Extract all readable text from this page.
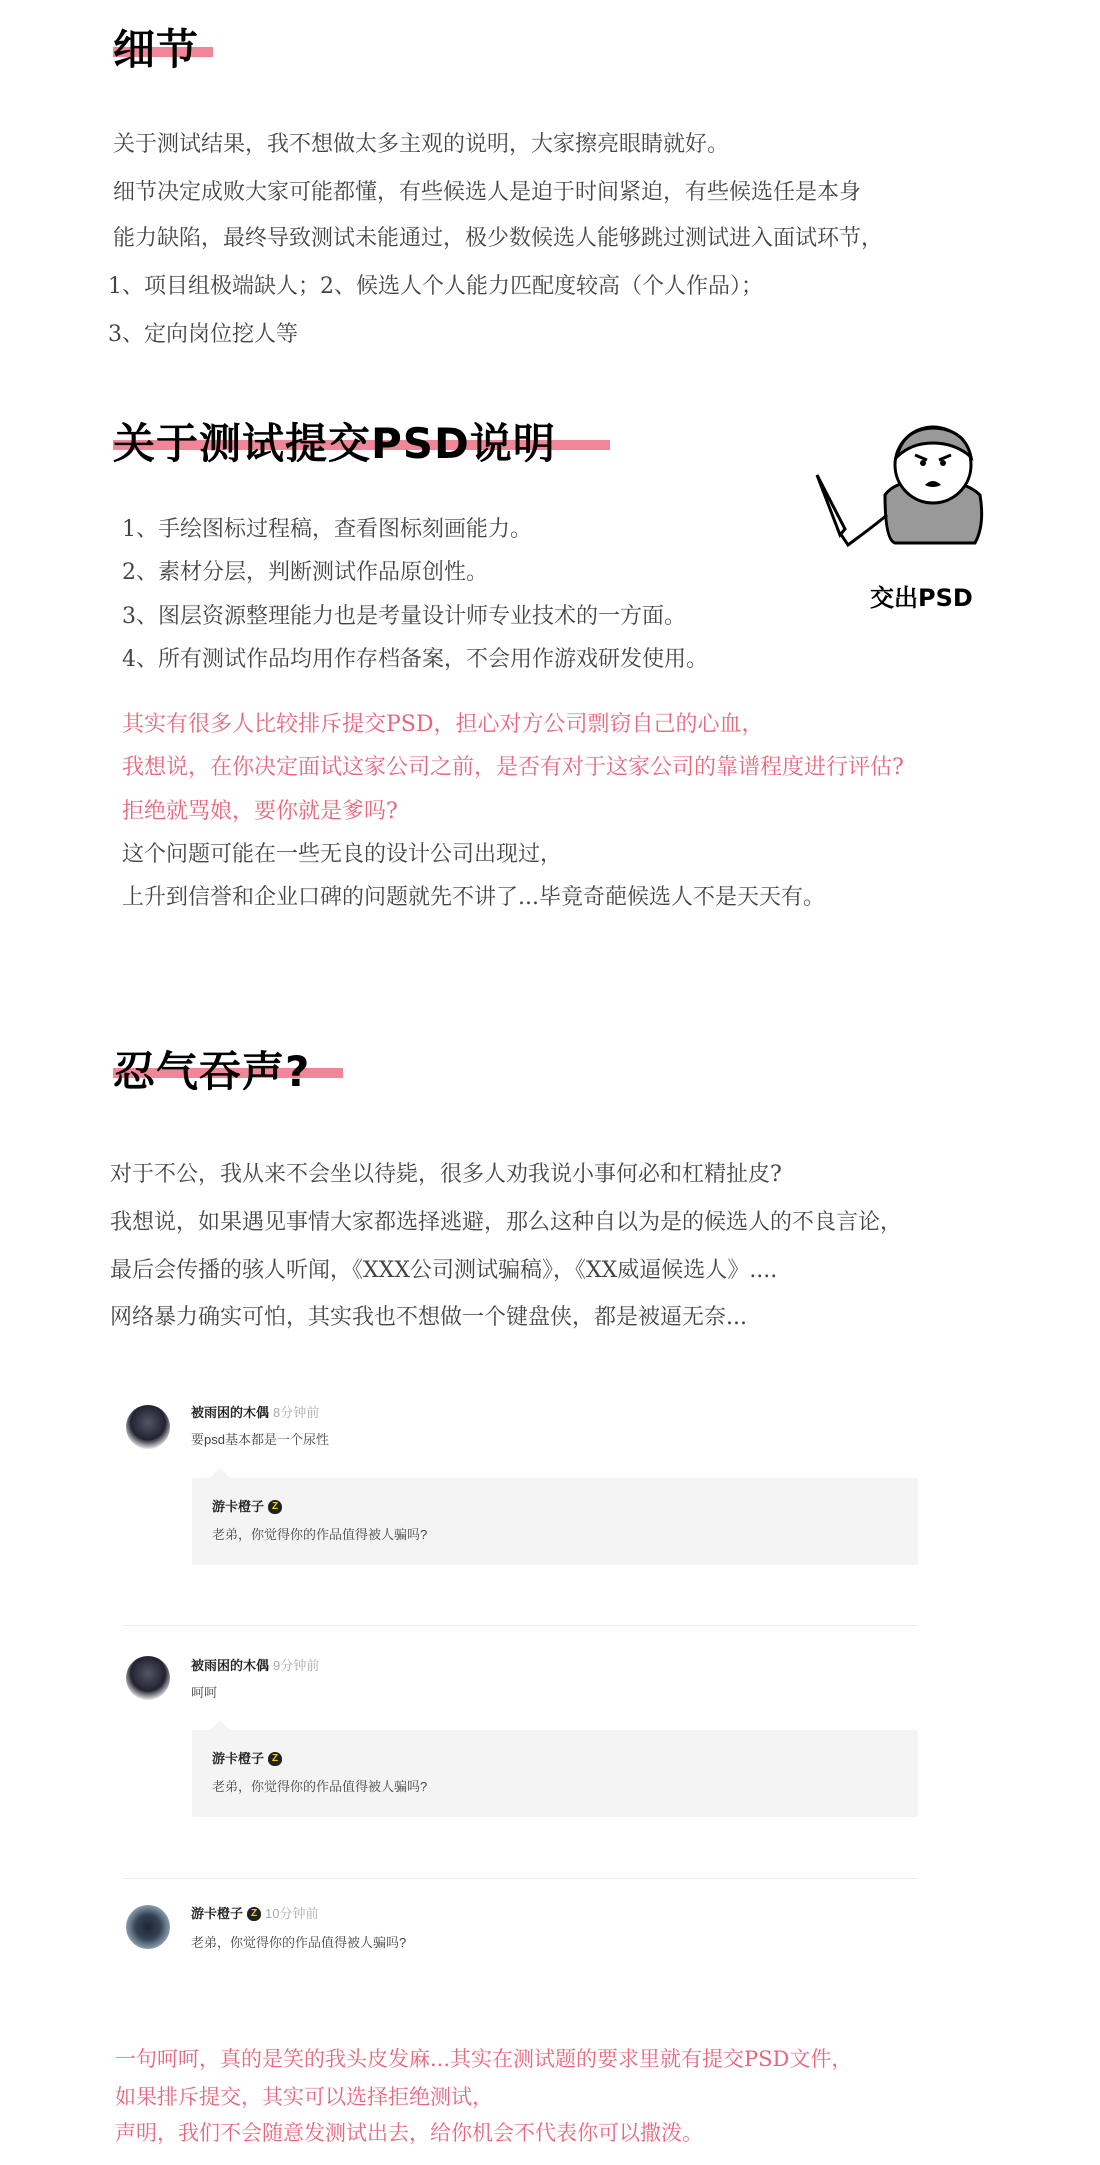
细节
关于测试结果，我不想做太多主观的说明，大家擦亮眼睛就好。
细节决定成败大家可能都懂，有些候选人是迫于时间紧迫，有些候选任是本身
能力缺陷，最终导致测试未能通过，极少数候选人能够跳过测试进入面试环节，
1、项目组极端缺人；2、候选人个人能力匹配度较高（个人作品）；
3、定向岗位挖人等
关于测试提交PSD说明
交出PSD
1、手绘图标过程稿，查看图标刻画能力。
2、素材分层，判断测试作品原创性。
3、图层资源整理能力也是考量设计师专业技术的一方面。
4、所有测试作品均用作存档备案，不会用作游戏研发使用。
其实有很多人比较排斥提交PSD，担心对方公司剽窃自己的心血，
我想说，在你决定面试这家公司之前，是否有对于这家公司的靠谱程度进行评估?
拒绝就骂娘，要你就是爹吗?
这个问题可能在一些无良的设计公司出现过，
上升到信誉和企业口碑的问题就先不讲了...毕竟奇葩候选人不是天天有。
忍气吞声?
对于不公，我从来不会坐以待毙，很多人劝我说小事何必和杠精扯皮?
我想说，如果遇见事情大家都选择逃避，那么这种自以为是的候选人的不良言论，
最后会传播的骇人听闻，《XXX公司测试骗稿》，《XX威逼候选人》....
网络暴力确实可怕，其实我也不想做一个键盘侠，都是被逼无奈...
被雨困的木偶 8分钟前
要psd基本都是一个尿性
游卡橙子 Z
老弟，你觉得你的作品值得被人骗吗?
被雨困的木偶 9分钟前
呵呵
游卡橙子 Z
老弟，你觉得你的作品值得被人骗吗?
游卡橙子 Z 10分钟前
老弟，你觉得你的作品值得被人骗吗?
一句呵呵，真的是笑的我头皮发麻...其实在测试题的要求里就有提交PSD文件，
如果排斥提交，其实可以选择拒绝测试，
声明，我们不会随意发测试出去，给你机会不代表你可以撒泼。
